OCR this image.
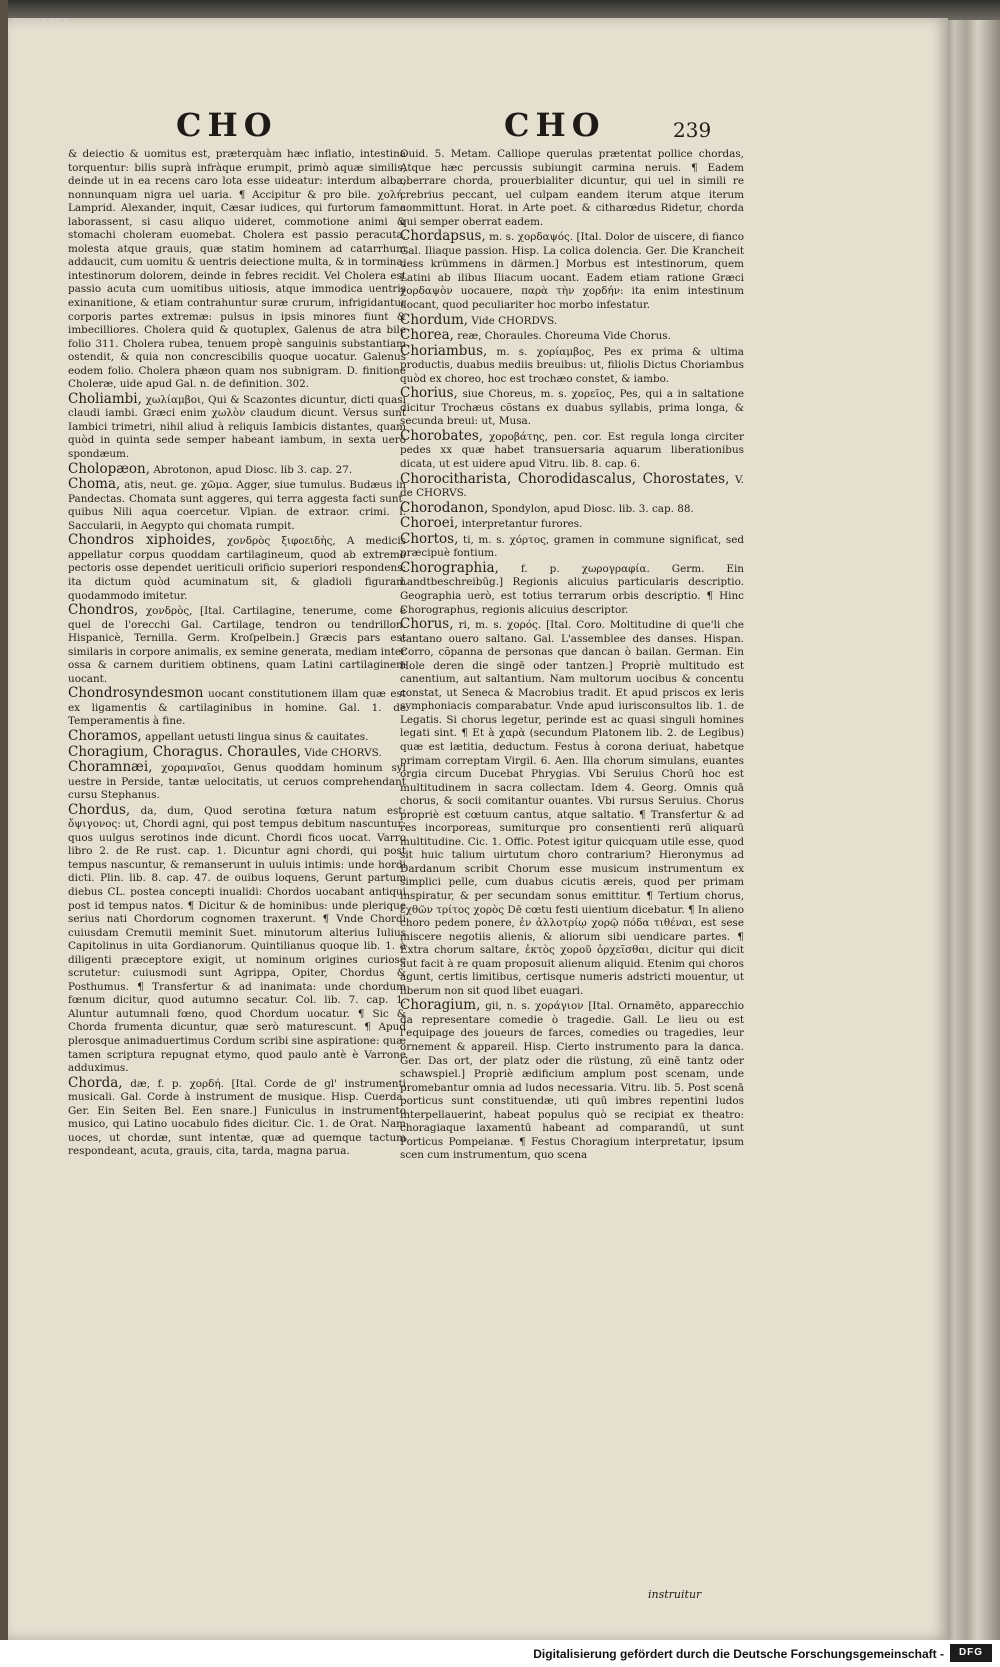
00001050
CHO	CHO	239

& deiectio & uomitus est, præterquàm hæc inflatio, intestina torquentur: bilis suprà infràque erumpit, primò aquæ similis, deinde ut in ea recens caro lota esse uideatur: interdum alba, nonnunquam nigra uel uaria. ¶ Accipitur & pro bile. χολή. Lamprid. Alexander, inquit, Cæsar iudices, qui furtorum fama laborassent, si casu aliquo uideret, commotione animi & stomachi choleram euomebat. Cholera est passio peracuta, molesta atque grauis, quæ statim hominem ad catarrhum addaucit, cum uomitu & uentris deiectione multa, & in tormina, intestinorum dolorem, deinde in febres recidit. Vel Cholera est passio acuta cum uomitibus uitiosis, atque immodica uentris exinanitione, & etiam contrahuntur suræ crurum, infrigidantur corporis partes extremæ: pulsus in ipsis minores fiunt & imbecilliores. Cholera quid & quotuplex, Galenus de atra bile folio 311. Cholera rubea, tenuem propè sanguinis substantiam ostendit, & quia non concrescibilis quoque uocatur. Galenus eodem folio. Cholera phæon quam nos subnigram. D. finitione Choleræ, uide apud Gal. n. de definition. 302.

Choliambi, χωλίαμβοι, Qui & Scazontes dicuntur, dicti quasi claudi iambi. Græci enim χωλὸν claudum dicunt. Versus sunt Iambici trimetri, nihil aliud à reliquis Iambicis distantes, quam quòd in quinta sede semper habeant iambum, in sexta uerò spondæum.

Cholopæon, Abrotonon, apud Diosc. lib 3. cap. 27.

Choma, atis, neut. ge. χῶμα. Agger, siue tumulus. Budæus in Pandectas. Chomata sunt aggeres, qui terra aggesta facti sunt, quibus Nili aqua coercetur. Vlpian. de extraor. crimi. l. Saccularii, in Aegypto qui chomata rumpit.

Chondros xiphoides, χονδρὸς ξιφοειδὴς, A medicis appellatur corpus quoddam cartilagineum, quod ab extremo pectoris osse dependet ueriticuli orificio superiori respondens: ita dictum quòd acuminatum sit, & gladioli figuram quodammodo imitetur.

Chondros, χονδρὸς, [Ital. Cartilagine, tenerume, come è quel de l'orecchi Gal. Cartilage, tendron ou tendrillon. Hispanicè, Ternilla. Germ. Kroſpelbein.] Græcis pars est similaris in corpore animalis, ex semine generata, mediam inter ossa & carnem duritiem obtinens, quam Latini cartilaginem uocant.

Chondrosyndesmon uocant constitutionem illam quæ est ex ligamentis & cartilaginibus in homine. Gal. 1. de Temperamentis à fine.

Choramos, appellant uetusti lingua sinus & cauitates.

Choragium, Choragus. Choraules, Vide CHORVS.

Choramnæi, χοραμναῖοι, Genus quoddam hominum syl uestre in Perside, tantæ uelocitatis, ut ceruos comprehendant cursu Stephanus.

Chordus, da, dum, Quod serotina fœtura natum est: ὄψιγονος: ut, Chordi agni, qui post tempus debitum nascuntur: quos uulgus serotinos inde dicunt. Chordi ficos uocat. Varro libro 2. de Re rust. cap. 1. Dicuntur agni chordi, qui post tempus nascuntur, & remanserunt in uuluis intimis: unde hordi dicti. Plin. lib. 8. cap. 47. de ouibus loquens, Gerunt partum diebus CL. postea concepti inualidi: Chordos uocabant antiqui post id tempus natos. ¶ Dicitur & de hominibus: unde plerique serius nati Chordorum cognomen traxerunt. ¶ Vnde Chordi cuiusdam Cremutii meminit Suet. minutorum alterius Iulius Capitolinus in uita Gordianorum. Quintilianus quoque lib. 1. à diligenti præceptore exigit, ut nominum origines curiose scrutetur: cuiusmodi sunt Agrippa, Opiter, Chordus & Posthumus. ¶ Transfertur & ad inanimata: unde chordum fœnum dicitur, quod autumno secatur. Col. lib. 7. cap. 1. Aluntur autumnali fœno, quod Chordum uocatur. ¶ Sic & Chorda frumenta dicuntur, quæ serò maturescunt. ¶ Apud plerosque animaduertimus Cordum scribi sine aspiratione: quæ tamen scriptura repugnat etymo, quod paulo antè è Varrone adduximus.

Chorda, dæ, f. p. χορδή. [Ital. Corde de gl' instrumenti musicali. Gal. Corde à instrument de musique. Hisp. Cuerda. Ger. Ein Seiten Bel. Een snare.] Funiculus in instrumento musico, qui Latino uocabulo fides dicitur. Cic. 1. de Orat. Nam uoces, ut chordæ, sunt intentæ, quæ ad quemque tactum respondeant, acuta, grauis, cita, tarda, magna parua.

Ouid. 5. Metam. Calliope querulas prætentat pollice chordas, Atque hæc percussis subiungit carmina neruis. ¶ Eadem oberrare chorda, prouerbialiter dicuntur, qui uel in simili re crebrius peccant, uel culpam eandem iterum atque iterum committunt. Horat. in Arte poet. & citharœdus Ridetur, chorda qui semper oberrat eadem.

Chordapsus, m. s. χορδαψός. [Ital. Dolor de uiscere, di fianco Gal. Iliaque passion. Hisp. La colica dolencia. Ger. Die Krancheit dess krümmens in därmen.] Morbus est intestinorum, quem Latini ab ilibus Iliacum uocant. Eadem etiam ratione Græci χορδαψὸν uocauere, παρὰ τὴν χορδήν: ita enim intestinum uocant, quod peculiariter hoc morbo infestatur.

Chordum, Vide CHORDVS.

Chorea, reæ, Choraules. Choreuma Vide Chorus.

Choriambus, m. s. χορίαμβος, Pes ex prima & ultima productis, duabus mediis breuibus: ut, filiolis Dictus Choriambus quòd ex choreo, hoc est trochæo constet, & iambo.

Chorius, siue Choreus, m. s. χορεῖος, Pes, qui a in saltatione dicitur Trochæus cõstans ex duabus syllabis, prima longa, & secunda breui: ut, Musa.

Chorobates, χοροβάτης, pen. cor. Est regula longa circiter pedes xx quæ habet transuersaria aquarum liberationibus dicata, ut est uidere apud Vitru. lib. 8. cap. 6.

Chorocitharista, Chorodidascalus, Chorostates, V. de CHORVS.

Chorodanon, Spondylon, apud Diosc. lib. 3. cap. 88.

Choroei, interpretantur furores.

Chortos, ti, m. s. χόρτος, gramen in commune significat, sed præcipuè fontium.

Chorographia, f. p. χωρογραφία. Germ. Ein Landtbeschreibūg.] Regionis alicuius particularis descriptio. Geographia uerò, est totius terrarum orbis descriptio. ¶ Hinc Chorographus, regionis alicuius descriptor.

Chorus, ri, m. s. χορός. [Ital. Coro. Moltitudine di que'li che cantano ouero saltano. Gal. L'assemblee des danses. Hispan. Corro, cõpanna de personas que dancan ò bailan. German. Ein Hole deren die singē oder tantzen.] Propriè multitudo est canentium, aut saltantium. Nam multorum uocibus & concentu constat, ut Seneca & Macrobius tradit. Et apud priscos ex leris symphoniacis comparabatur. Vnde apud iurisconsultos lib. 1. de Legatis. Si chorus legetur, perinde est ac quasi singuli homines legati sint. ¶ Et à χαρὰ (secundum Platonem lib. 2. de Legibus) quæ est lætitia, deductum. Festus à corona deriuat, habetque primam correptam Virgil. 6. Aen. Illa chorum simulans, euantes orgia circum Ducebat Phrygias. Vbi Seruius Chorū hoc est multitudinem in sacra collectam. Idem 4. Georg. Omnis quā chorus, & socii comitantur ouantes. Vbi rursus Seruius. Chorus propriè est cœtuum cantus, atque saltatio. ¶ Transfertur & ad res incorporeas, sumiturque pro consentienti rerū aliquarū multitudine. Cic. 1. Offic. Potest igitur quicquam utile esse, quod sit huic talium uirtutum choro contrarium? Hieronymus ad Dardanum scribit Chorum esse musicum instrumentum ex simplici pelle, cum duabus cicutis æreis, quod per primam inspiratur, & per secundam sonus emittitur. ¶ Tertium chorus, ἐχθῶν τρίτος χορὸς Dē cœtu festi uientium dicebatur. ¶ In alieno choro pedem ponere, ἐν ἀλλοτρίῳ χορῷ πόδα τιθέναι, est sese miscere negotiis alienis, & aliorum sibi uendicare partes. ¶ Extra chorum saltare, ἐκτὸς χοροῦ ὀρχεῖσθαι, dicitur qui dicit aut facit à re quam proposuit alienum aliquid. Etenim qui choros agunt, certis limitibus, certisque numeris adstricti mouentur, ut liberum non sit quod libet euagari.

Choragium, gii, n. s. χοράγιον [Ital. Ornamēto, apparecchio da representare comedie ò tragedie. Gall. Le lieu ou est l'equipage des joueurs de farces, comedies ou tragedies, leur ornement & appareil. Hisp. Cierto instrumento para la danca. Ger. Das ort, der platz oder die rüstung, zū einē tantz oder schawspiel.] Propriè ædificium amplum post scenam, unde promebantur omnia ad ludos necessaria. Vitru. lib. 5. Post scenā porticus sunt constituendæ, uti quū imbres repentini ludos interpellauerint, habeat populus quò se recipiat ex theatro: choragiaque laxamentū habeant ad comparandū, ut sunt Porticus Pompeianæ. ¶ Festus Choragium interpretatur, ipsum scen cum instrumentum, quo scena

instruitur
Digitalisierung gefördert durch die Deutsche Forschungsgemeinschaft -	DFG
